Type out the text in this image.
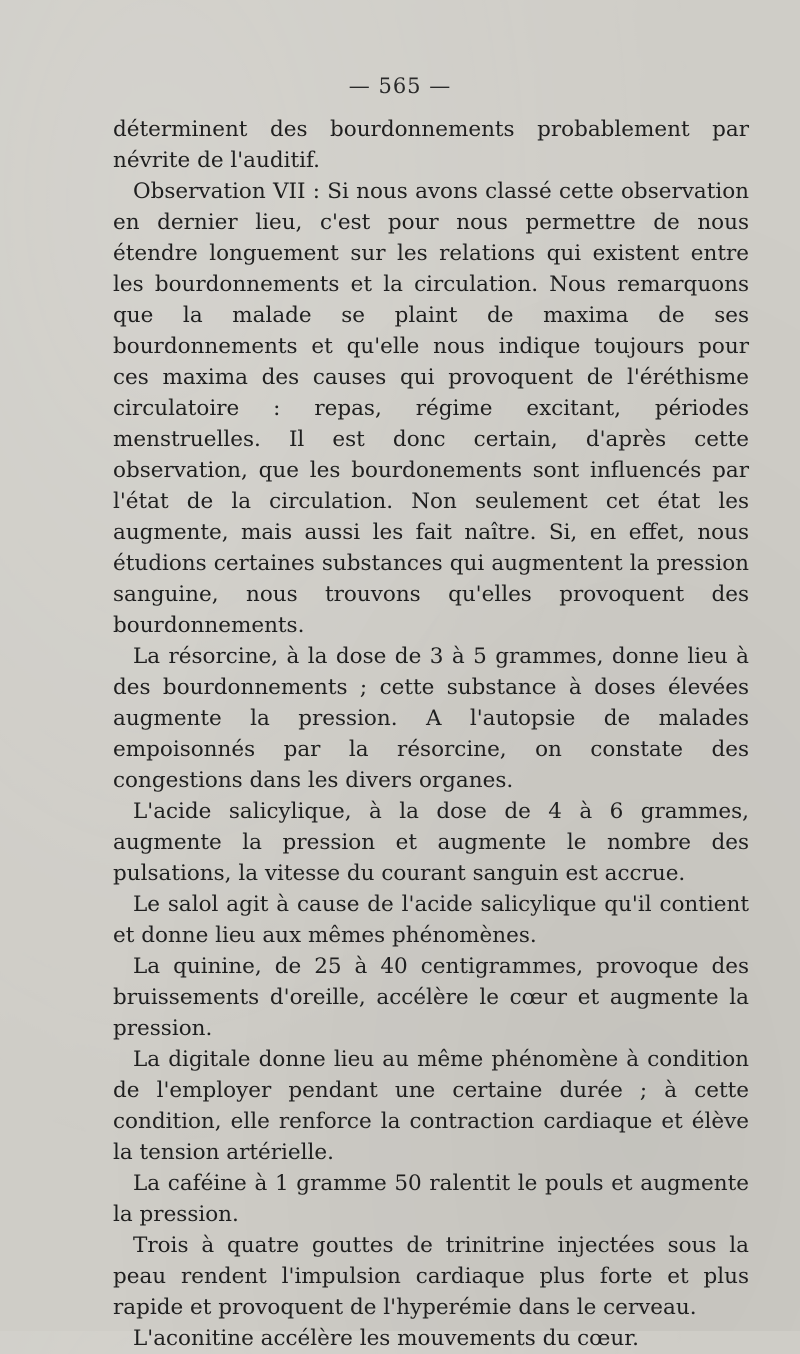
— 565 —

déterminent des bourdonnements probablement par névrite de l'auditif.

Observation VII : Si nous avons classé cette observation en dernier lieu, c'est pour nous permettre de nous étendre longuement sur les relations qui existent entre les bourdonnements et la circulation. Nous remarquons que la malade se plaint de maxima de ses bourdonnements et qu'elle nous indique toujours pour ces maxima des causes qui provoquent de l'éréthisme circulatoire : repas, régime excitant, périodes menstruelles. Il est donc certain, d'après cette observation, que les bourdonements sont influencés par l'état de la circulation. Non seulement cet état les augmente, mais aussi les fait naître. Si, en effet, nous étudions certaines substances qui augmentent la pression sanguine, nous trouvons qu'elles provoquent des bourdonnements.

La résorcine, à la dose de 3 à 5 grammes, donne lieu à des bourdonnements ; cette substance à doses élevées augmente la pression. A l'autopsie de malades empoisonnés par la résorcine, on constate des congestions dans les divers organes.

L'acide salicylique, à la dose de 4 à 6 grammes, augmente la pression et augmente le nombre des pulsations, la vitesse du courant sanguin est accrue.

Le salol agit à cause de l'acide salicylique qu'il contient et donne lieu aux mêmes phénomènes.

La quinine, de 25 à 40 centigrammes, provoque des bruissements d'oreille, accélère le cœur et augmente la pression.

La digitale donne lieu au même phénomène à condition de l'employer pendant une certaine durée ; à cette condition, elle renforce la contraction cardiaque et élève la tension artérielle.

La caféine à 1 gramme 50 ralentit le pouls et augmente la pression.

Trois à quatre gouttes de trinitrine injectées sous la peau rendent l'impulsion cardiaque plus forte et plus rapide et provoquent de l'hyperémie dans le cerveau.

L'aconitine accélère les mouvements du cœur.
